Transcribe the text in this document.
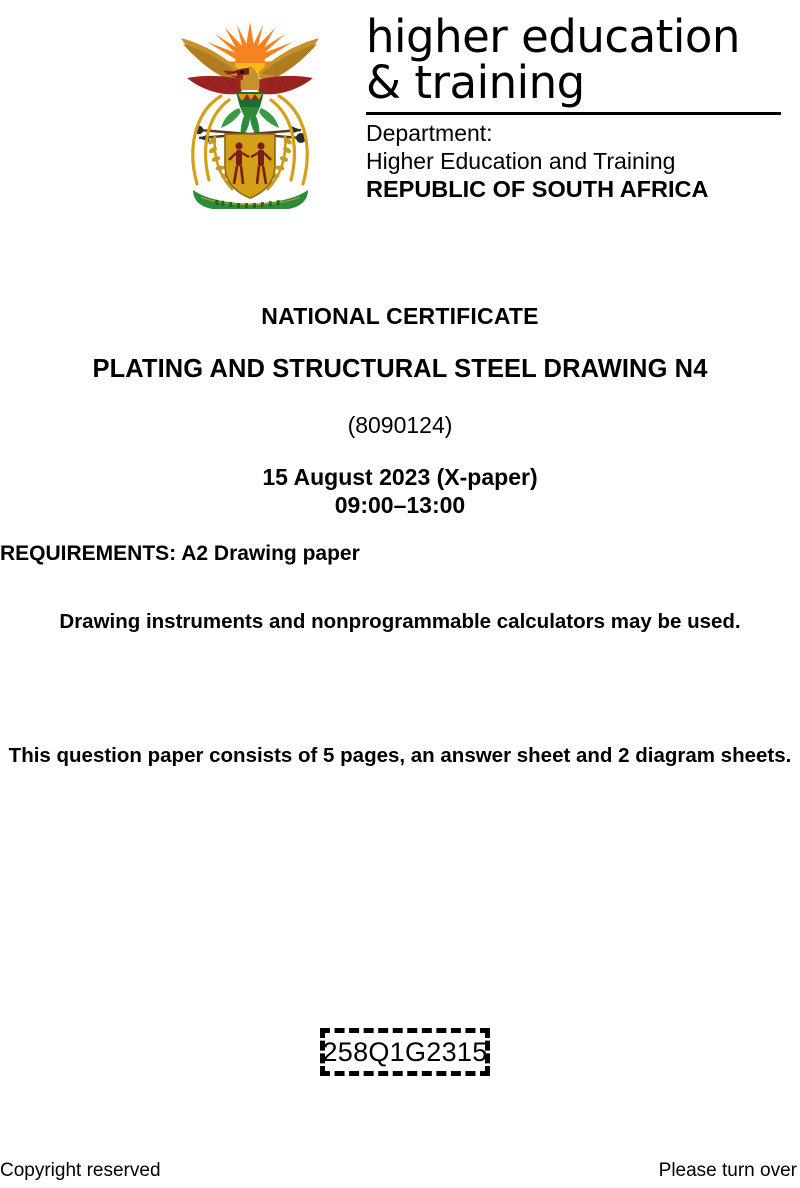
higher education
& training
Department:
Higher Education and Training
REPUBLIC OF SOUTH AFRICA
NATIONAL CERTIFICATE
PLATING AND STRUCTURAL STEEL DRAWING N4
(8090124)
15 August 2023 (X-paper)
09:00–13:00
REQUIREMENTS: A2 Drawing paper
Drawing instruments and nonprogrammable calculators may be used.
This question paper consists of 5 pages, an answer sheet and 2 diagram sheets.
258Q1G2315
Copyright reserved	Please turn over
